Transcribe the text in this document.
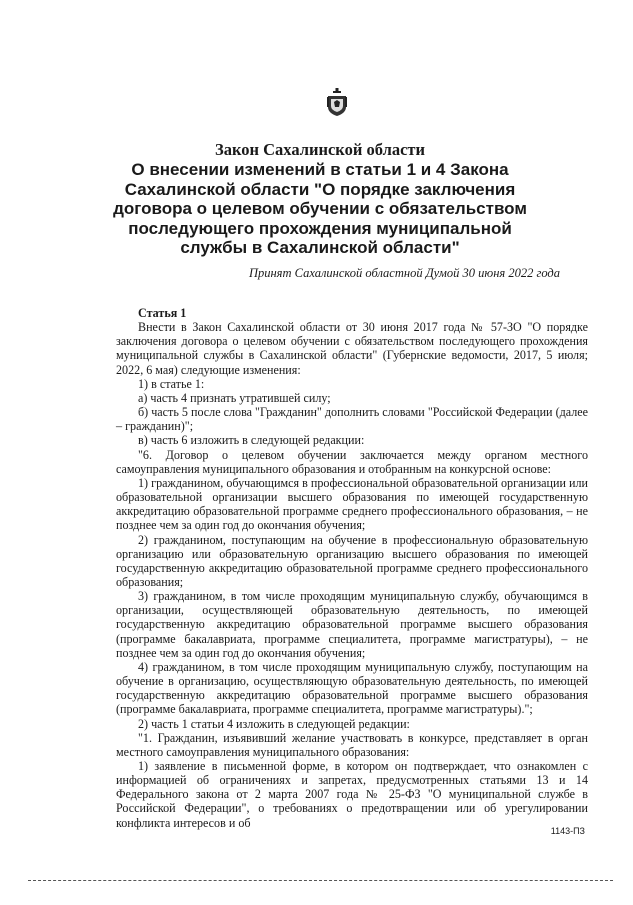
Закон Сахалинской области
О внесении изменений в статьи 1 и 4 Закона
Сахалинской области "О порядке заключения
договора о целевом обучении с обязательством
последующего прохождения муниципальной
службы в Сахалинской области"
Принят Сахалинской областной Думой 30 июня 2022 года

Статья 1

Внести в Закон Сахалинской области от 30 июня 2017 года № 57-ЗО "О порядке заключения договора о целевом обучении с обязательством последующего прохождения муниципальной службы в Сахалинской области" (Губернские ведомости, 2017, 5 июля; 2022, 6 мая) следующие изменения:

1) в статье 1:

а) часть 4 признать утратившей силу;

б) часть 5 после слова "Гражданин" дополнить словами "Российской Федерации (далее – гражданин)";

в) часть 6 изложить в следующей редакции:

"6. Договор о целевом обучении заключается между органом местного самоуправления муниципального образования и отобранным на конкурсной основе:

1) гражданином, обучающимся в профессиональной образовательной организации или образовательной организации высшего образования по имеющей государственную аккредитацию образовательной программе среднего профессионального образования, – не позднее чем за один год до окончания обучения;

2) гражданином, поступающим на обучение в профессиональную образовательную организацию или образовательную организацию высшего образования по имеющей государственную аккредитацию образовательной программе среднего профессионального образования;

3) гражданином, в том числе проходящим муниципальную службу, обучающимся в организации, осуществляющей образовательную деятельность, по имеющей государственную аккредитацию образовательной программе высшего образования (программе бакалавриата, программе специалитета, программе магистратуры), – не позднее чем за один год до окончания обучения;

4) гражданином, в том числе проходящим муниципальную службу, поступающим на обучение в организацию, осуществляющую образовательную деятельность, по имеющей государственную аккредитацию образовательной программе высшего образования (программе бакалавриата, программе специалитета, программе магистратуры).";

2) часть 1 статьи 4 изложить в следующей редакции:

"1. Гражданин, изъявивший желание участвовать в конкурсе, представляет в орган местного самоуправления муниципального образования:

1) заявление в письменной форме, в котором он подтверждает, что ознакомлен с информацией об ограничениях и запретах, предусмотренных статьями 13 и 14 Федерального закона от 2 марта 2007 года № 25-ФЗ "О муниципальной службе в Российской Федерации", о требованиях о предотвращении или об урегулировании конфликта интересов и об

1143-ПЗ
